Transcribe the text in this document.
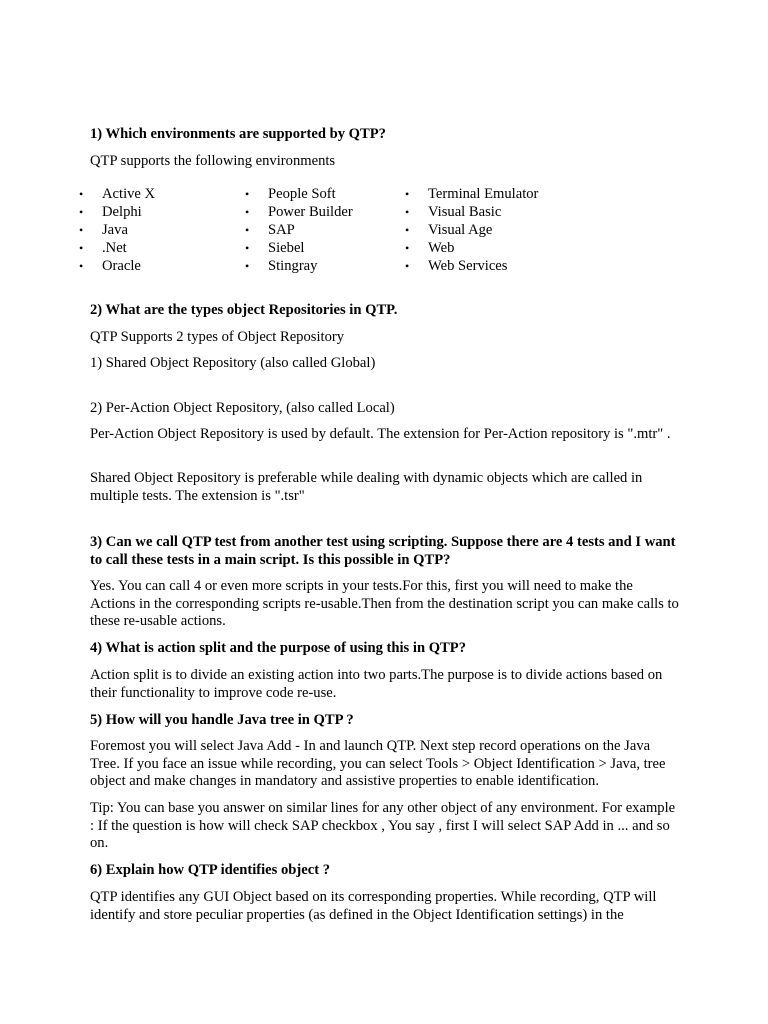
1) Which environments are supported by QTP?

QTP supports the following environments

• Active X
• Delphi
• Java
• .Net
• Oracle
• People Soft
• Power Builder
• SAP
• Siebel
• Stingray
• Terminal Emulator
• Visual Basic
• Visual Age
• Web
• Web Services

2) What are the types object Repositories in QTP.

QTP Supports 2 types of Object Repository

1) Shared Object Repository (also called Global)

2) Per-Action Object Repository, (also called Local)

Per-Action Object Repository is used by default. The extension for Per-Action repository is ".mtr" .

Shared Object Repository is preferable while dealing with dynamic objects which are called in multiple tests. The extension is ".tsr"

3) Can we call QTP test from another test using scripting. Suppose there are 4 tests and I want to call these tests in a main script. Is this possible in QTP?

Yes. You can call 4 or even more scripts in your tests.For this, first you will need to make the Actions in the corresponding scripts re-usable.Then from the destination script you can make calls to these re-usable actions.

4) What is action split and the purpose of using this in QTP?

Action split is to divide an existing action into two parts.The purpose is to divide actions based on their functionality to improve code re-use.

5) How will you handle Java tree in QTP ?

Foremost you will select Java Add - In and launch QTP. Next step record operations on the Java Tree. If you face an issue while recording, you can select Tools > Object Identification > Java, tree object and make changes in mandatory and assistive properties to enable identification.

Tip: You can base you answer on similar lines for any other object of any environment. For example : If the question is how will check SAP checkbox , You say , first I will select SAP Add in ... and so on.

6) Explain how QTP identifies object ?

QTP identifies any GUI Object based on its corresponding properties. While recording, QTP will identify and store peculiar properties (as defined in the Object Identification settings) in the
